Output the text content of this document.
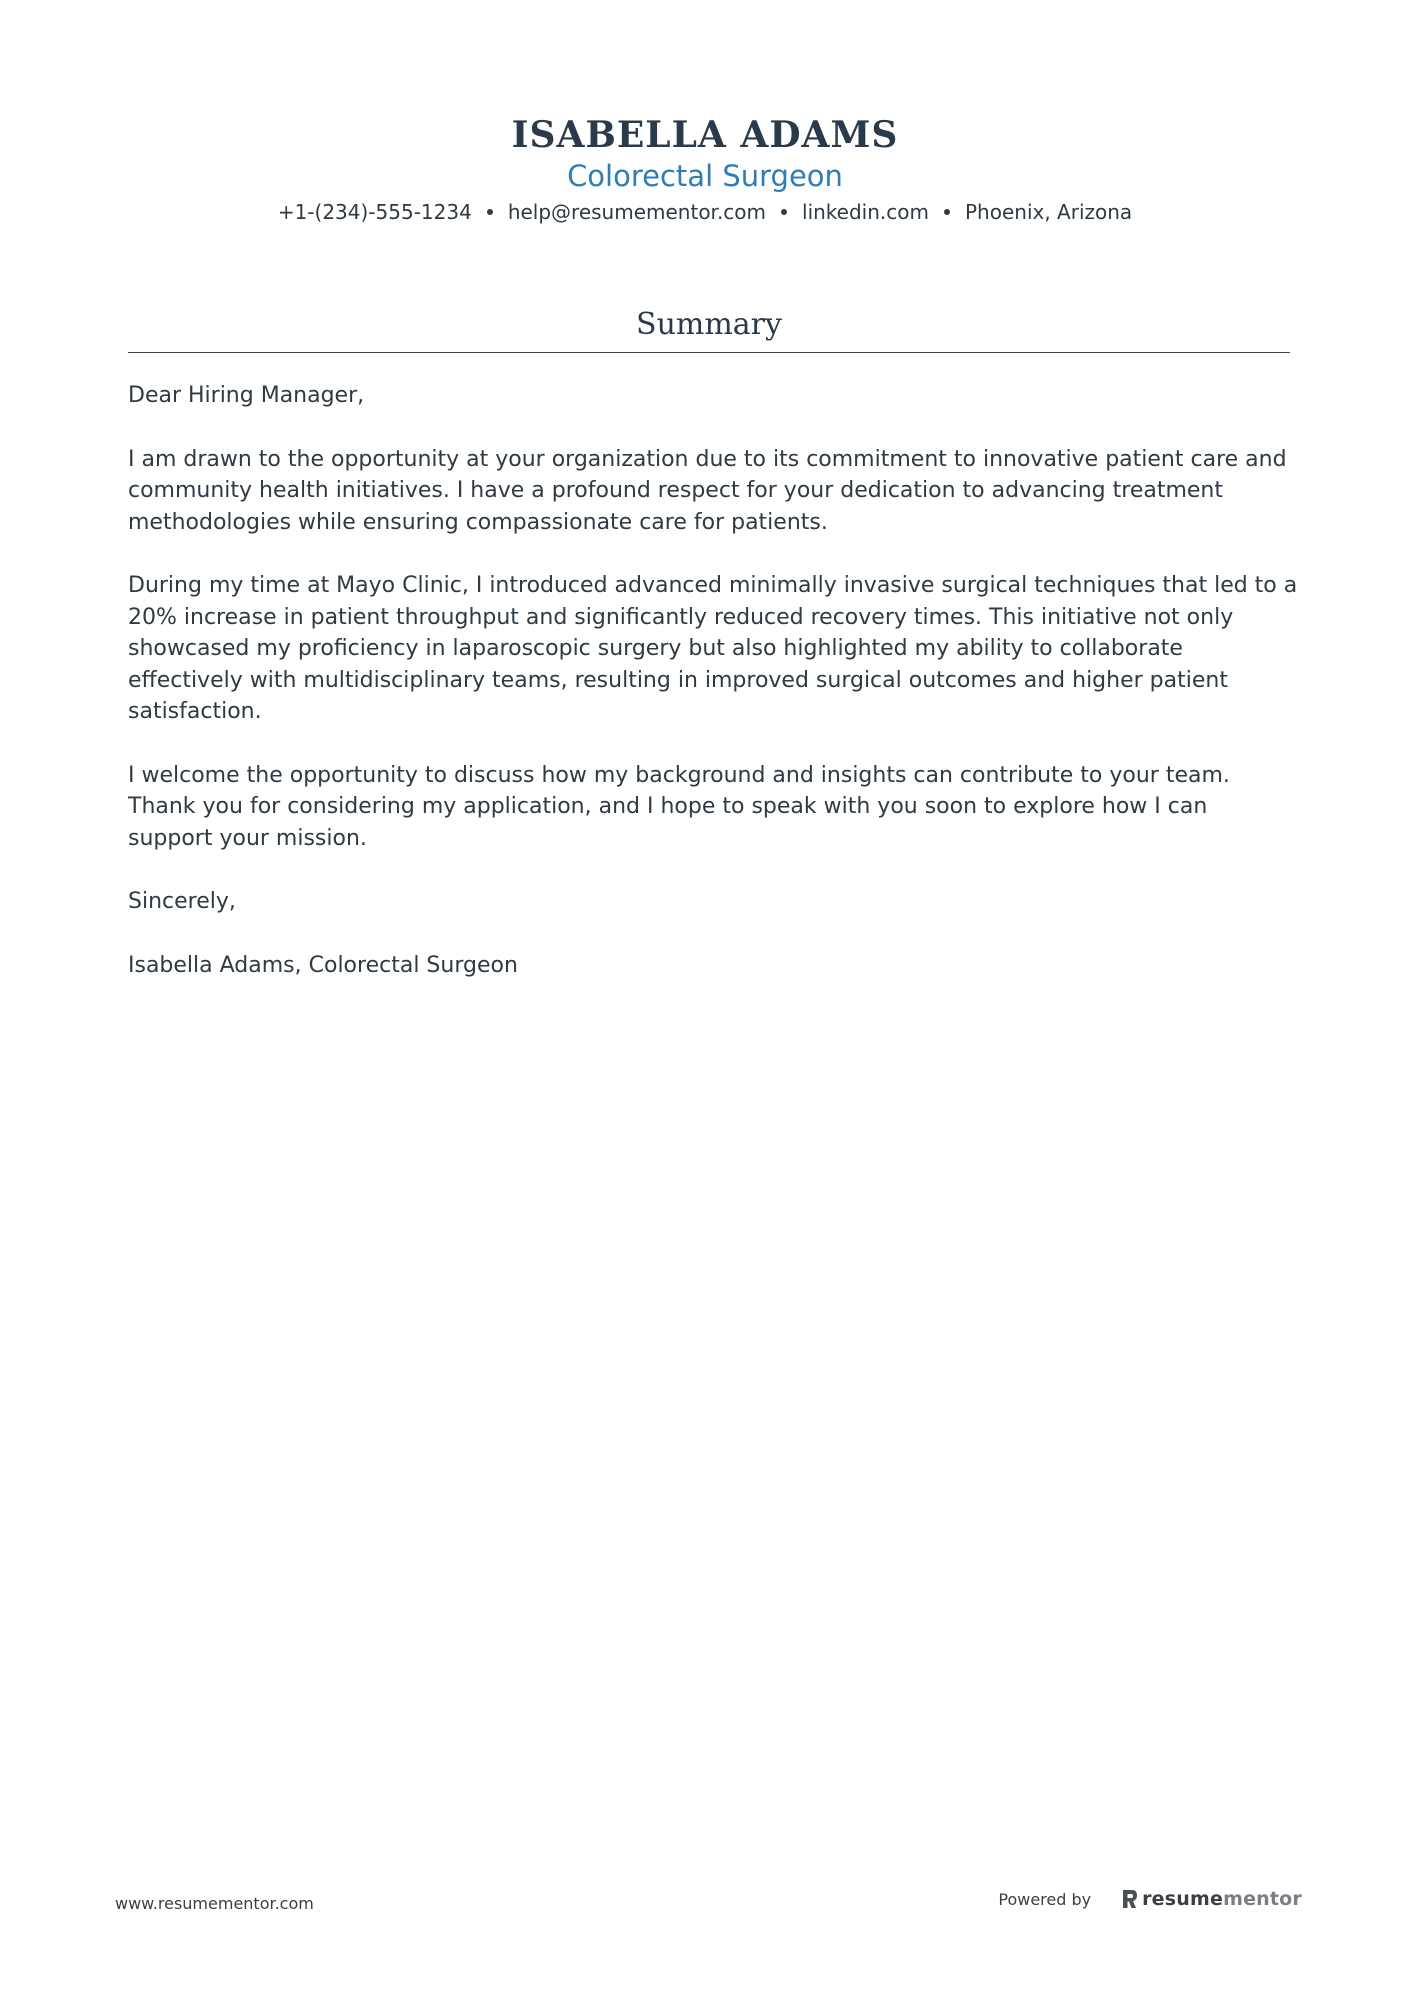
ISABELLA ADAMS
Colorectal Surgeon
+1-(234)-555-1234 help@resumementor.com linkedin.com Phoenix, Arizona
Summary

Dear Hiring Manager,

I am drawn to the opportunity at your organization due to its commitment to innovative patient care and community health initiatives. I have a profound respect for your dedication to advancing treatment methodologies while ensuring compassionate care for patients.

During my time at Mayo Clinic, I introduced advanced minimally invasive surgical techniques that led to a 20% increase in patient throughput and significantly reduced recovery times. This initiative not only showcased my proficiency in laparoscopic surgery but also highlighted my ability to collaborate effectively with multidisciplinary teams, resulting in improved surgical outcomes and higher patient satisfaction.

I welcome the opportunity to discuss how my background and insights can contribute to your team. Thank you for considering my application, and I hope to speak with you soon to explore how I can support your mission.

Sincerely,

Isabella Adams, Colorectal Surgeon

www.resumementor.com	Powered by	resumementor
